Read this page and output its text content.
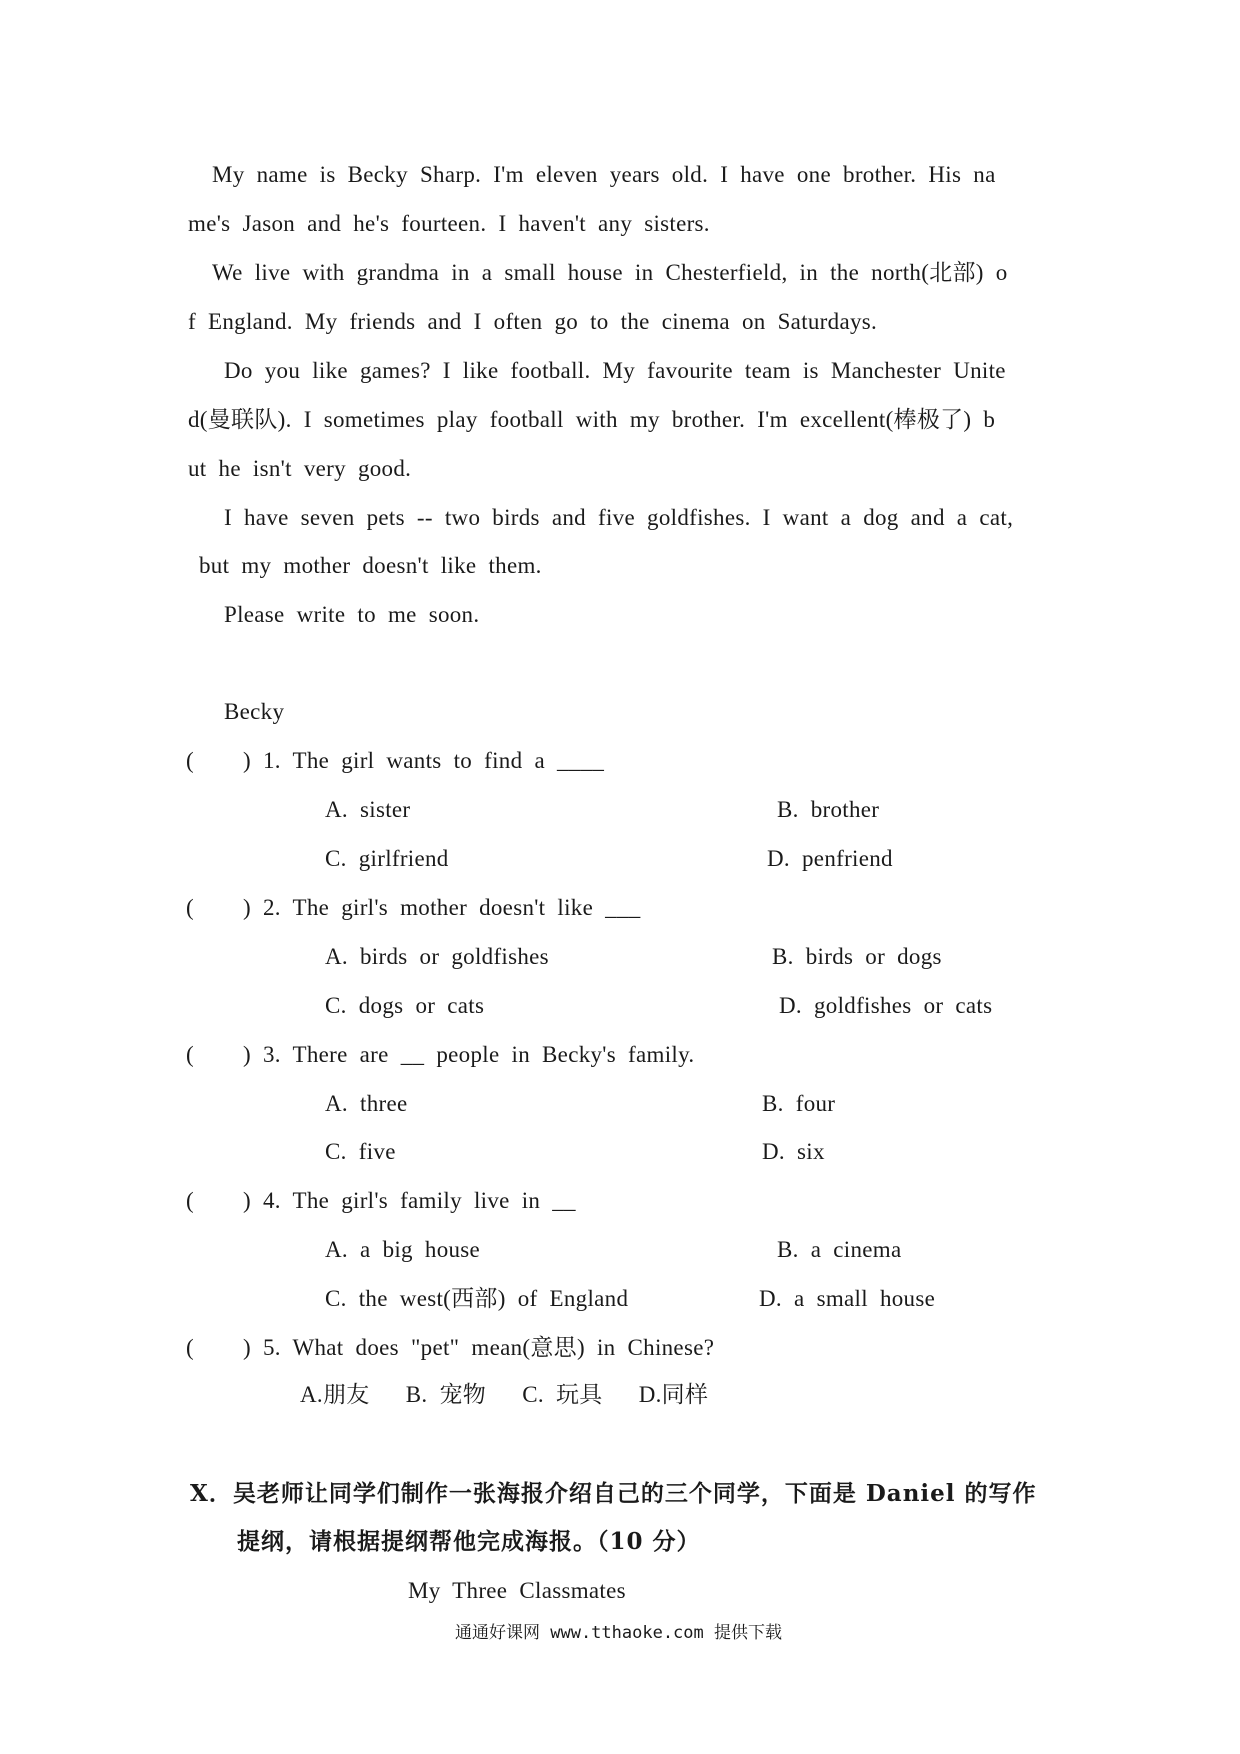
My name is Becky Sharp. I'm eleven years old. I have one brother. His na
me's Jason and he's fourteen. I haven't any sisters.
We live with grandma in a small house in Chesterfield, in the north(北部) o
f England. My friends and I often go to the cinema on Saturdays.
Do you like games? I like football. My favourite team is Manchester Unite
d(曼联队). I sometimes play football with my brother. I'm excellent(棒极了) b
ut he isn't very good.
I have seven pets -- two birds and five goldfishes. I want a dog and a cat,
but my mother doesn't like them.
Please write to me soon.
Becky
( ) 1. The girl wants to find a ____
A. sister	B. brother
C. girlfriend	D. penfriend
( ) 2. The girl's mother doesn't like ___
A. birds or goldfishes	B. birds or dogs
C. dogs or cats	D. goldfishes or cats
( ) 3. There are __ people in Becky's family.
A. three	B. four
C. five	D. six
( ) 4. The girl's family live in __
A. a big house	B. a cinema
C. the west(西部) of England	D. a small house
( ) 5. What does "pet" mean(意思) in Chinese?
A.朋友   B. 宠物   C. 玩具   D.同样
X．吴老师让同学们制作一张海报介绍自己的三个同学，下面是 Daniel 的写作
提纲，请根据提纲帮他完成海报。（10 分）
My Three Classmates
通通好课网 www.tthaoke.com 提供下载
